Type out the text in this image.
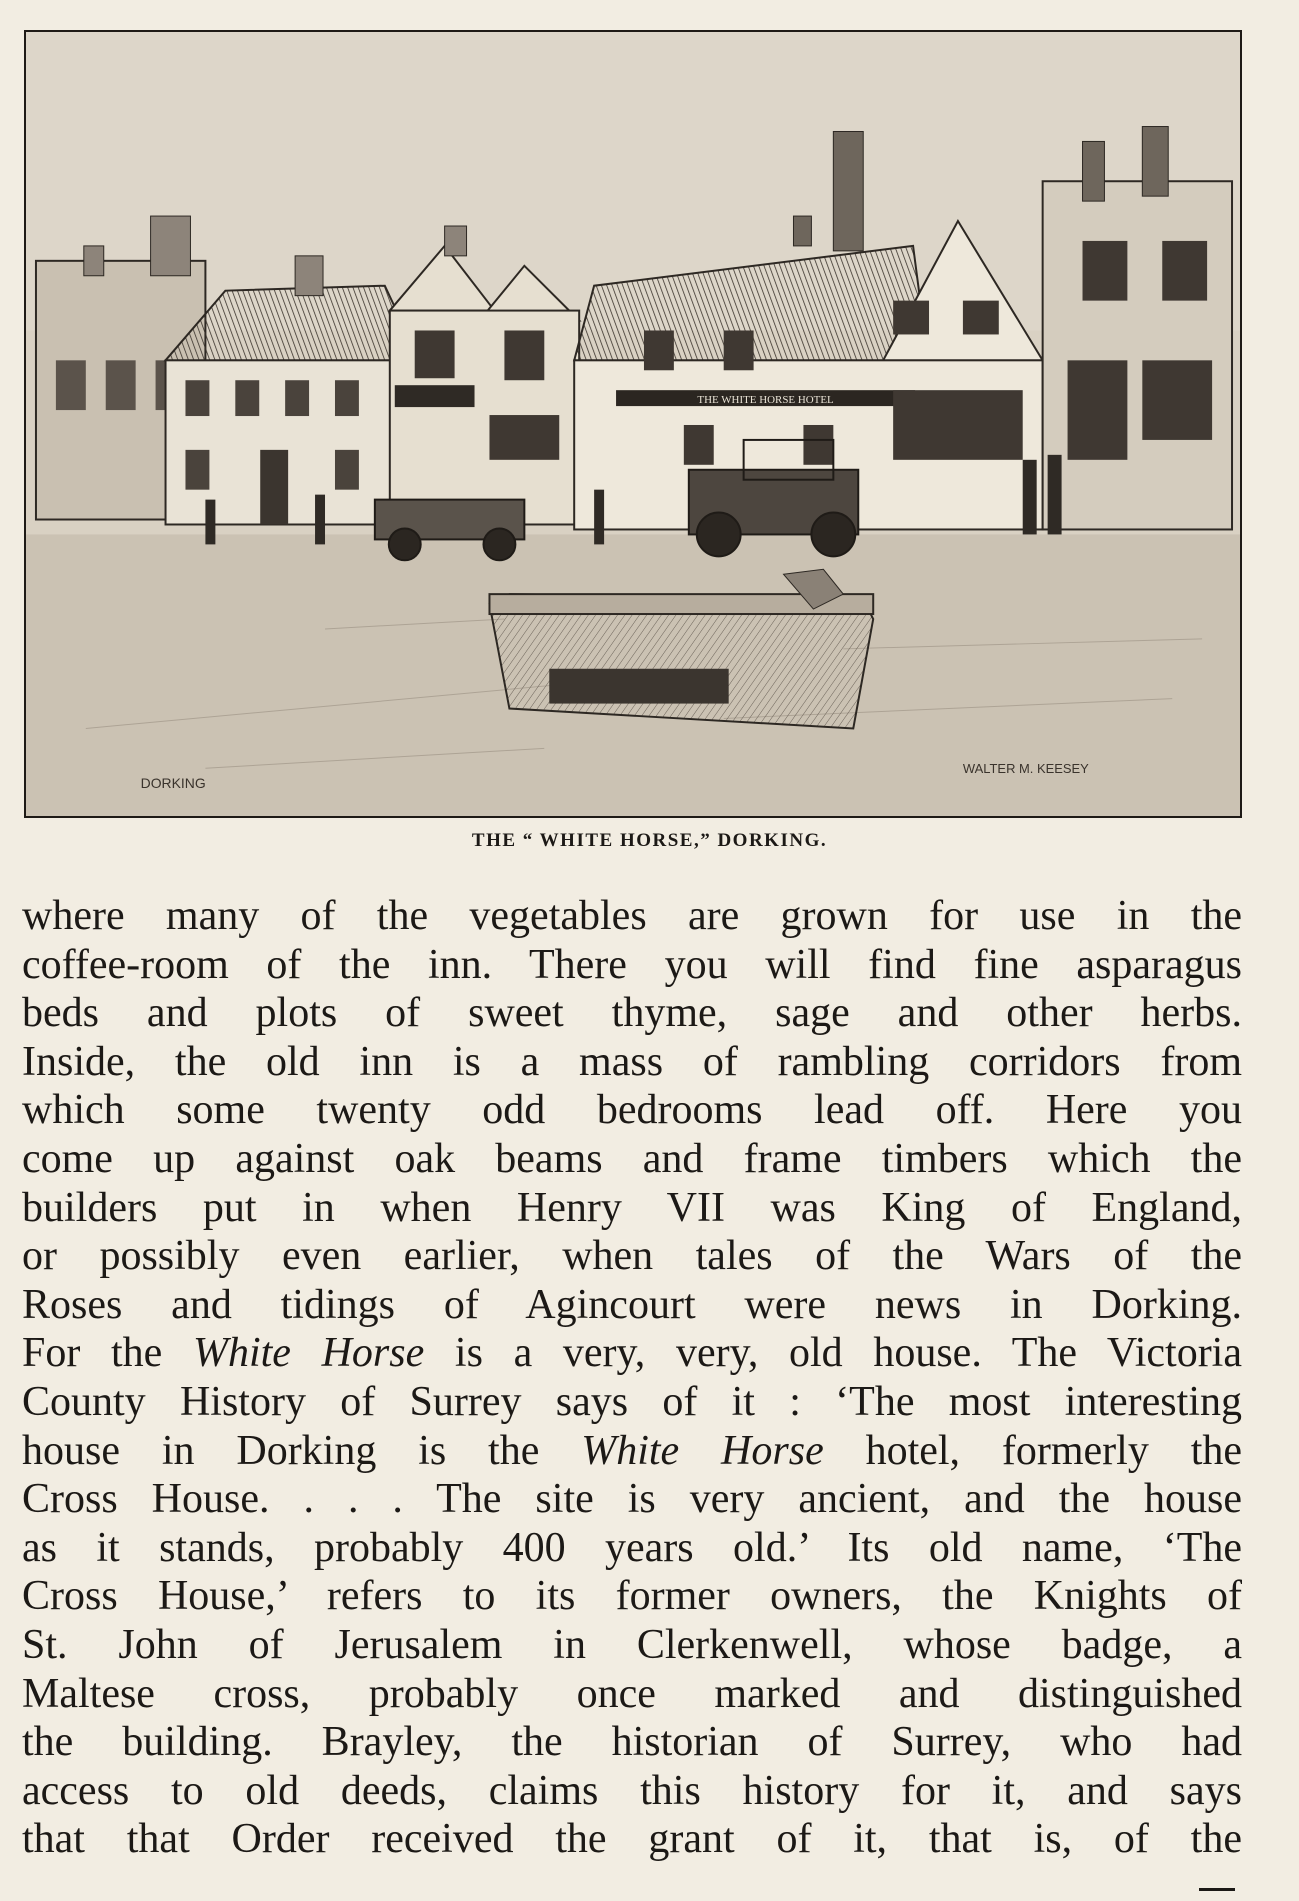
THE WHITE HORSE HOTEL
DORKING
WALTER M. KEESEY
THE “ WHITE HORSE,” DORKING.
where many of the vegetables are grown for use in the
coffee-room of the inn. There you will find fine asparagus
beds and plots of sweet thyme, sage and other herbs.
Inside, the old inn is a mass of rambling corridors from
which some twenty odd bedrooms lead off. Here you
come up against oak beams and frame timbers which the
builders put in when Henry VII was King of England,
or possibly even earlier, when tales of the Wars of the
Roses and tidings of Agincourt were news in Dorking.
For the White Horse is a very, very, old house. The Victoria
County History of Surrey says of it : ‘The most interesting
house in Dorking is the White Horse hotel, formerly the
Cross House. . . . The site is very ancient, and the house
as it stands, probably 400 years old.’ Its old name, ‘The
Cross House,’ refers to its former owners, the Knights of
St. John of Jerusalem in Clerkenwell, whose badge, a
Maltese cross, probably once marked and distinguished
the building. Brayley, the historian of Surrey, who had
access to old deeds, claims this history for it, and says
that that Order received the grant of it, that is, of the
